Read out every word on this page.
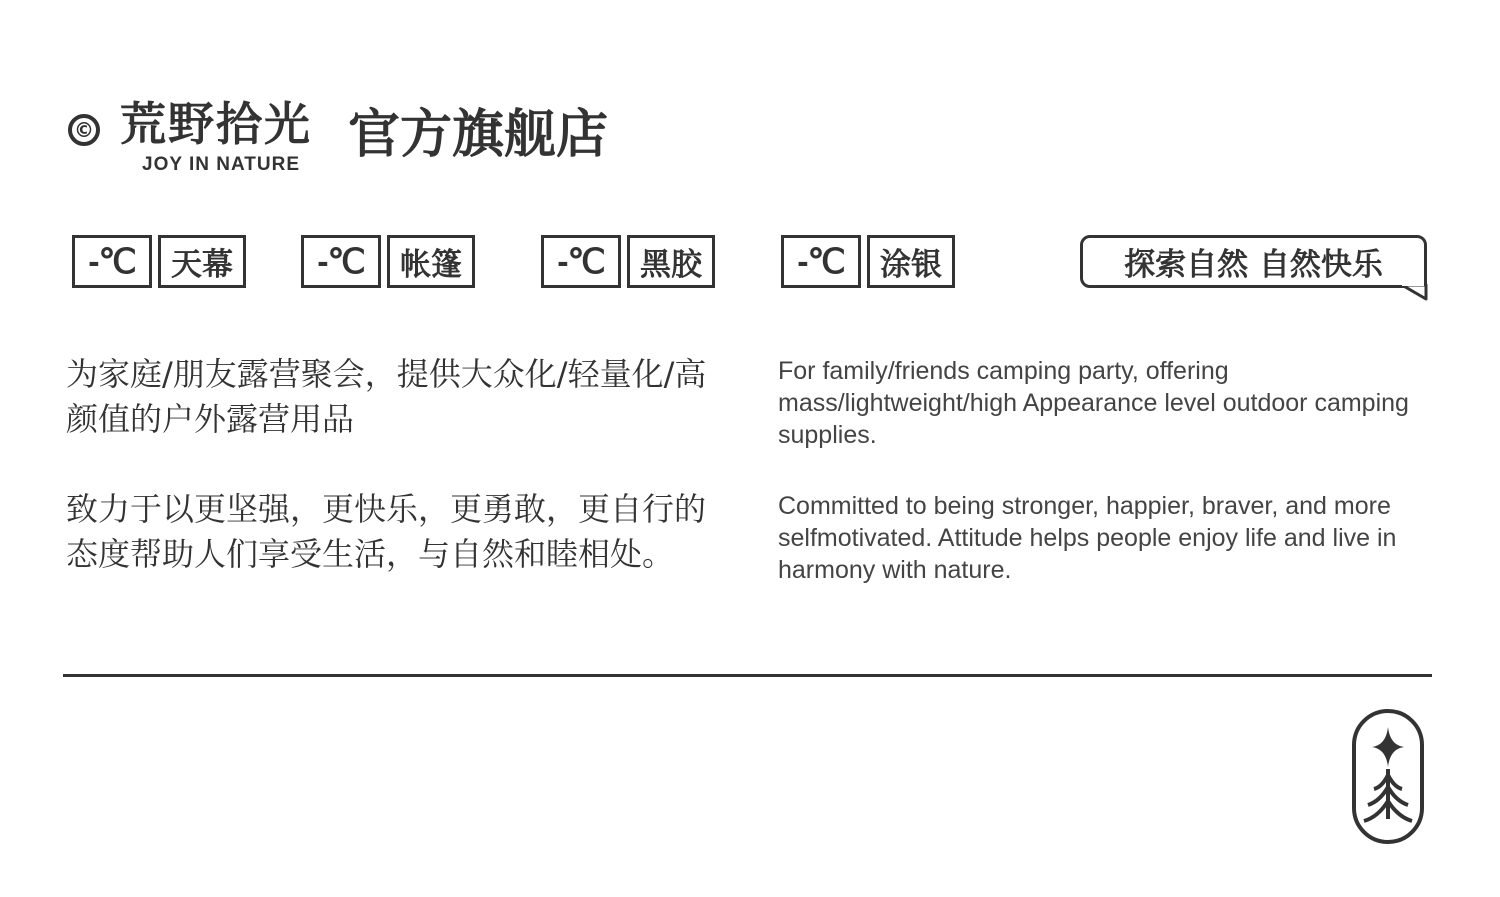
© 荒野拾光
JOY IN NATURE 官方旗舰店
-℃	天幕	-℃	帐篷	-℃	黑胶	-℃	涂银	探索自然 自然快乐
为家庭/朋友露营聚会，提供大众化/轻量化/高颜值的户外露营用品
For family/friends camping party, offering mass/lightweight/high Appearance level outdoor camping supplies.
致力于以更坚强，更快乐，更勇敢，更自行的态度帮助人们享受生活，与自然和睦相处。
Committed to being stronger, happier, braver, and more selfmotivated. Attitude helps people enjoy life and live in harmony with nature.
